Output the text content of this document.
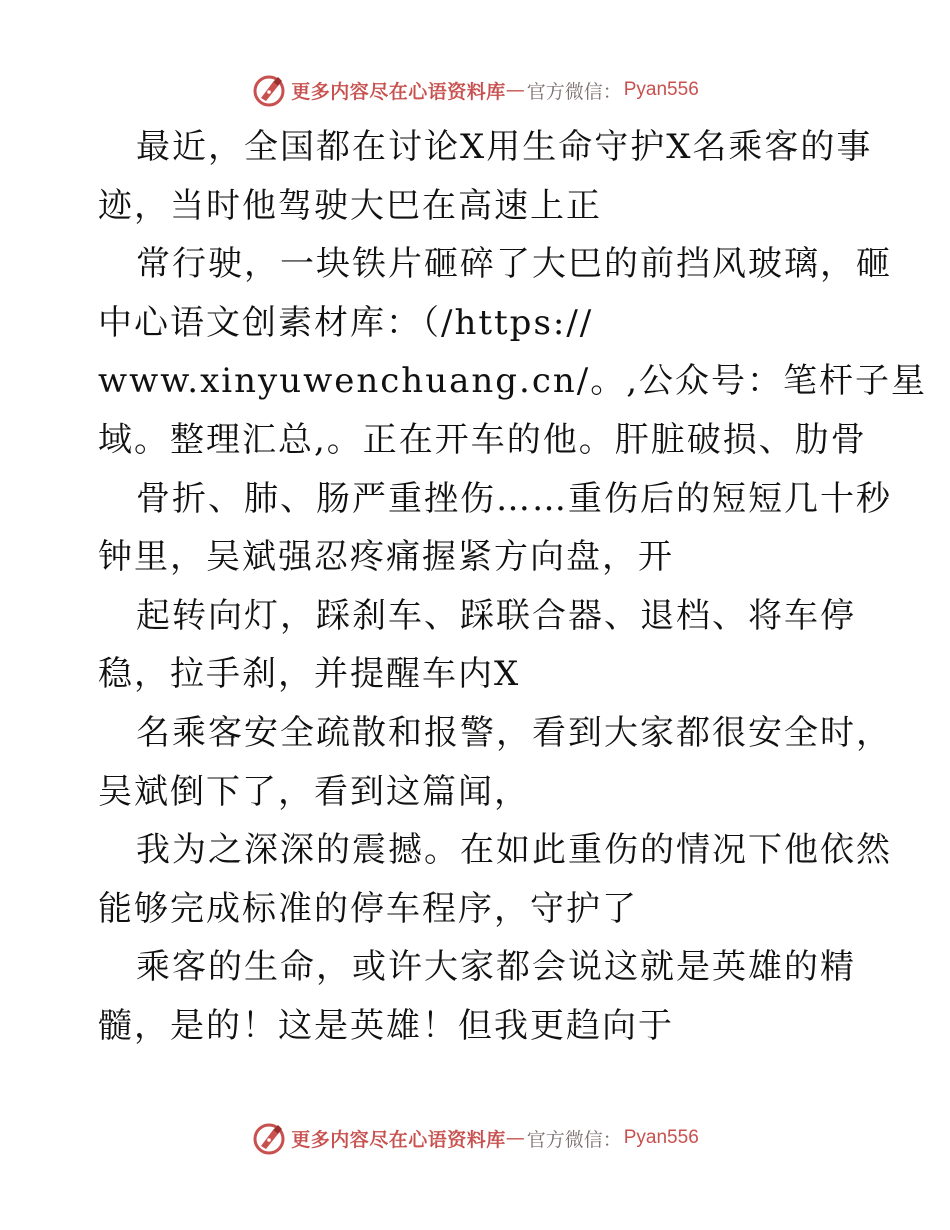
更多内容尽在心语资料库 — 官方微信： Pyan556
最近，全国都在讨论X用生命守护X名乘客的事
迹，当时他驾驶大巴在高速上正
常行驶，一块铁片砸碎了大巴的前挡风玻璃，砸
中心语文创素材库：（/https://
www.xinyuwenchuang.cn/。,公众号：笔杆子星
域。整理汇总,。正在开车的他。肝脏破损、肋骨
骨折、肺、肠严重挫伤……重伤后的短短几十秒
钟里，吴斌强忍疼痛握紧方向盘，开
起转向灯，踩刹车、踩联合器、退档、将车停
稳，拉手刹，并提醒车内X
名乘客安全疏散和报警，看到大家都很安全时，
吴斌倒下了，看到这篇闻，
我为之深深的震撼。在如此重伤的情况下他依然
能够完成标准的停车程序，守护了
乘客的生命，或许大家都会说这就是英雄的精
髓，是的！这是英雄！但我更趋向于
更多内容尽在心语资料库 — 官方微信： Pyan556
